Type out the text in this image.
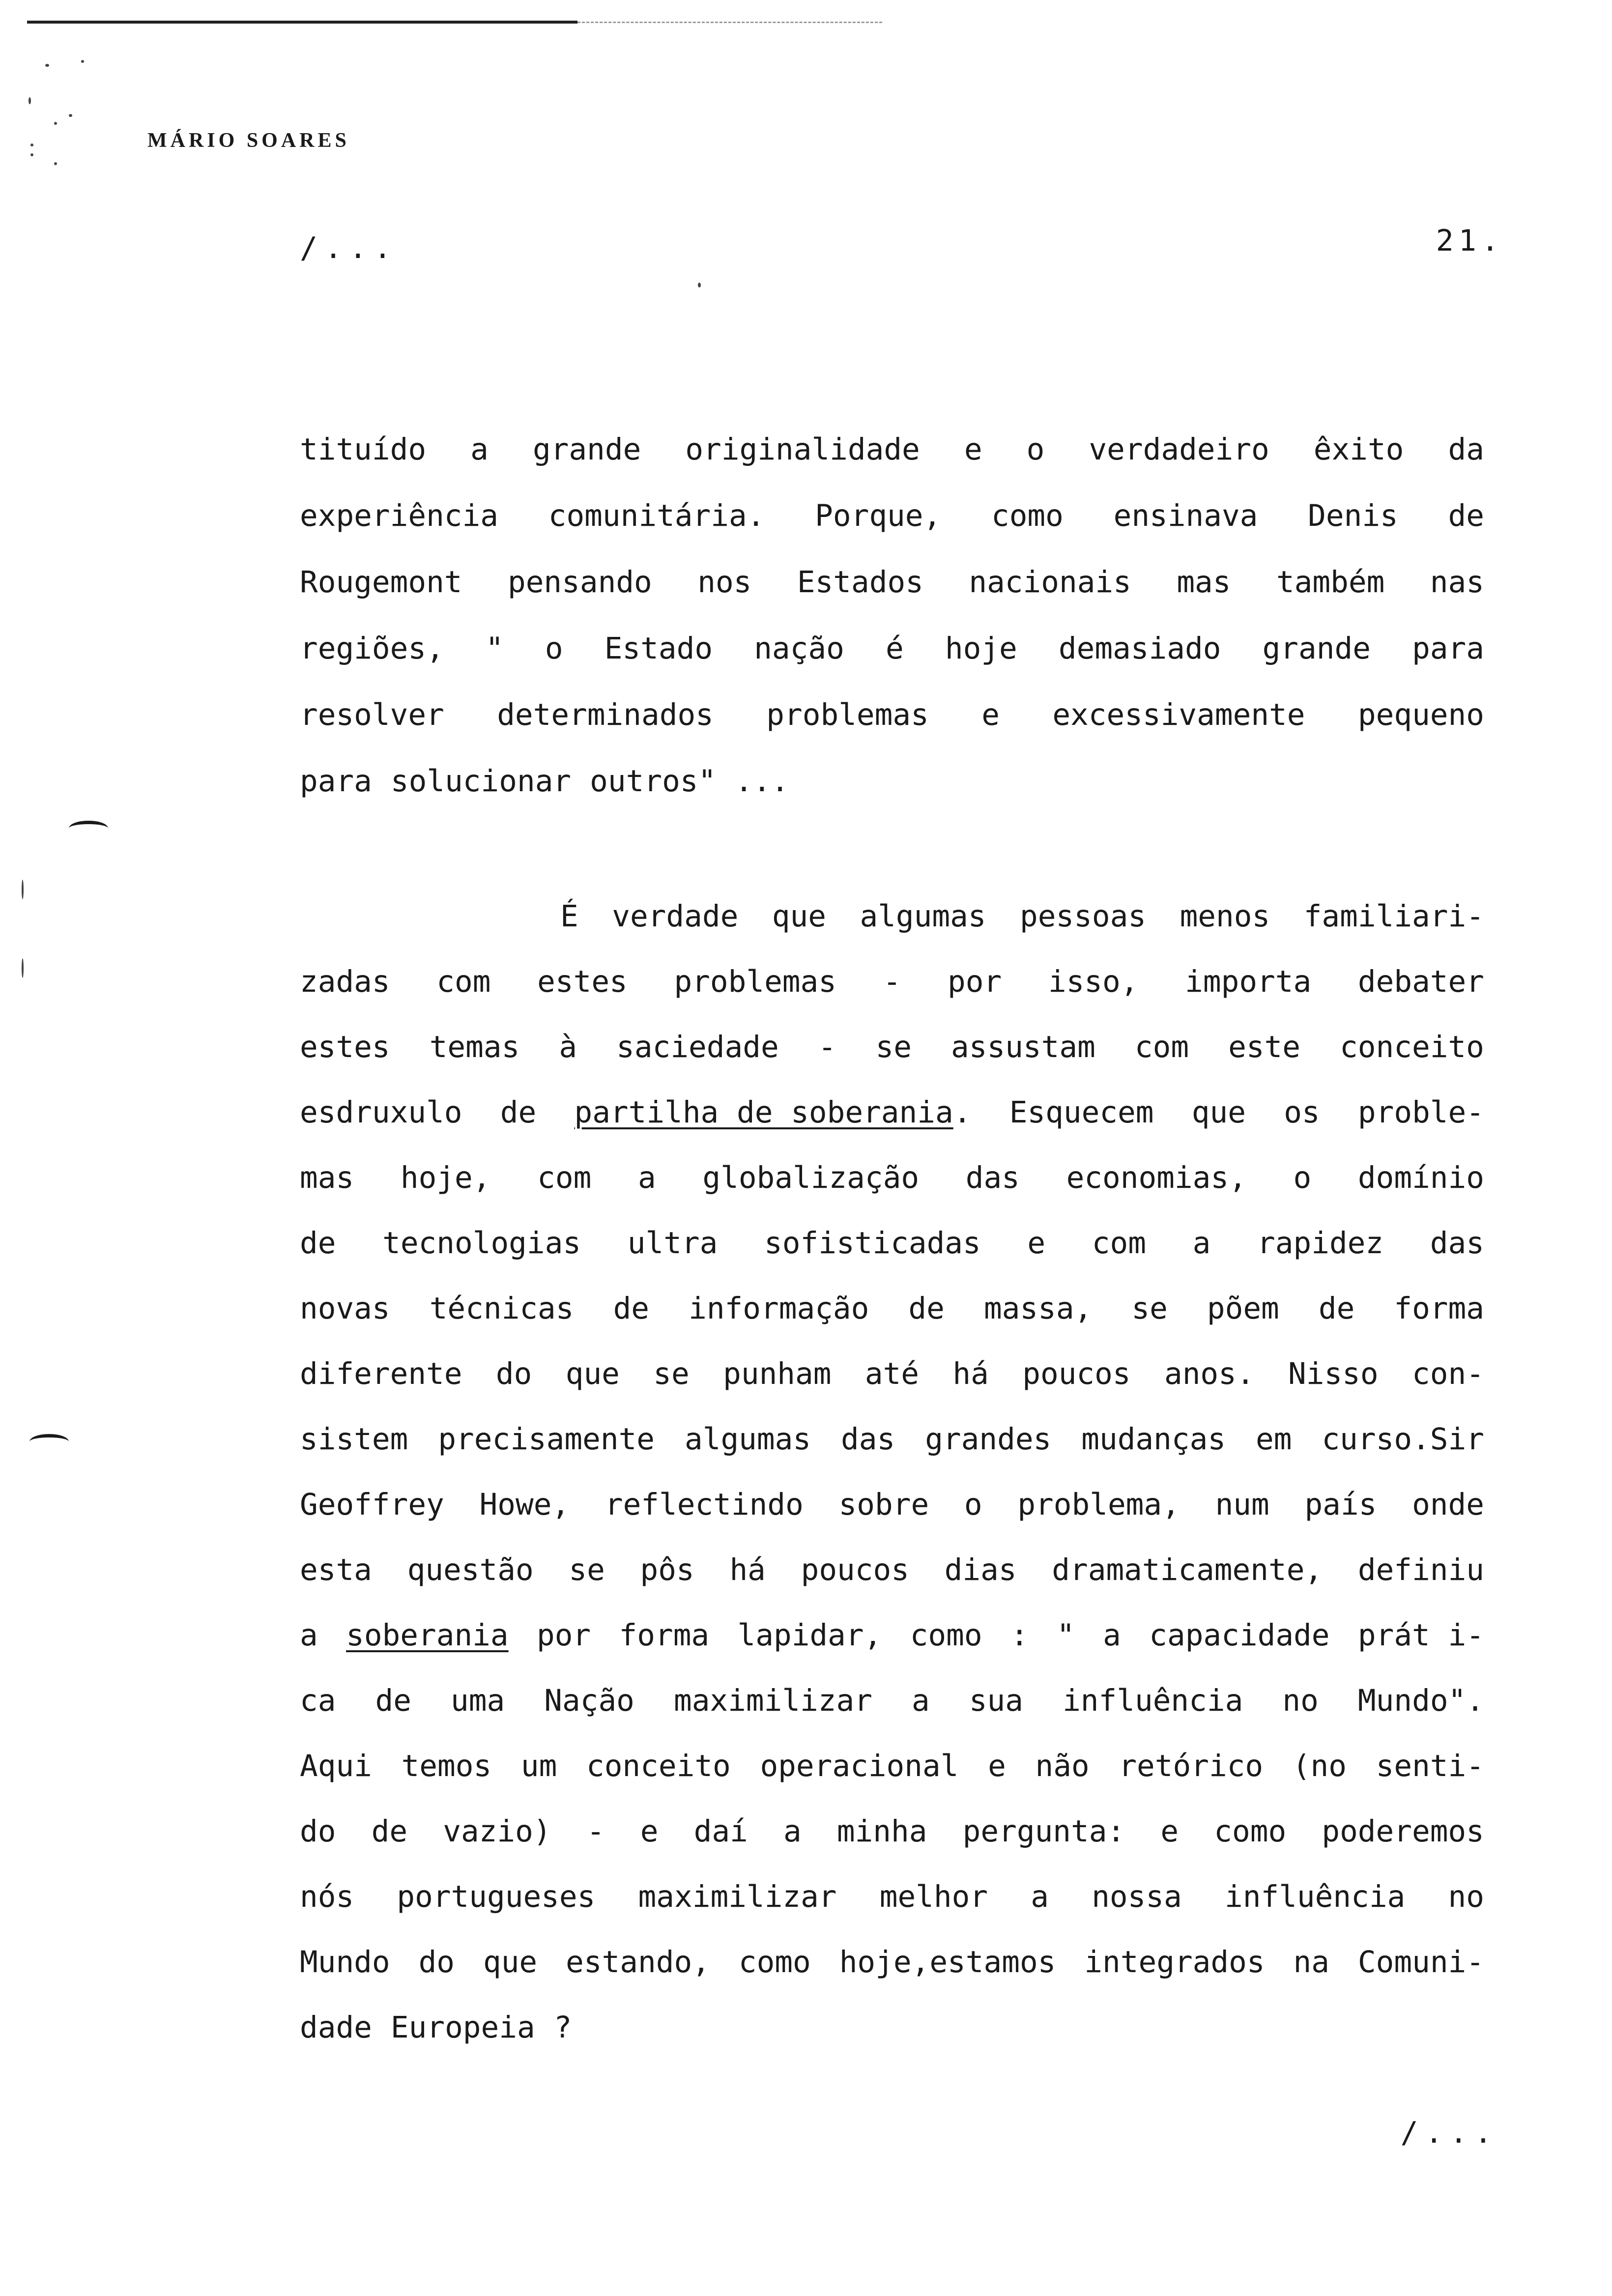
MÁRIO SOARES
/...	21.
tituído a grande originalidade e o verdadeiro êxito da
experiência comunitária. Porque, como ensinava Denis de
Rougemont pensando nos Estados nacionais mas também nas
regiões, " o Estado nação é hoje demasiado grande para
resolver determinados problemas e excessivamente pequeno
para solucionar outros" ...
É verdade que algumas pessoas menos familiari-
zadas com estes problemas - por isso, importa debater
estes temas à saciedade - se assustam com este conceito
esdruxulo de partilha de soberania. Esquecem que os proble-
mas hoje, com a globalização das economias, o domínio
de tecnologias ultra sofisticadas e com a rapidez das
novas técnicas de informação de massa, se põem de forma
diferente do que se punham até há poucos anos. Nisso con-
sistem precisamente algumas das grandes mudanças em curso.Sir
Geoffrey Howe, reflectindo sobre o problema, num país onde
esta questão se pôs há poucos dias dramaticamente, definiu
a soberania por forma lapidar, como : " a capacidade prát i-
ca de uma Nação maximilizar a sua influência no Mundo".
Aqui temos um conceito operacional e não retórico (no senti-
do de vazio) - e daí a minha pergunta: e como poderemos
nós portugueses maximilizar melhor a nossa influência no
Mundo do que estando, como hoje,estamos integrados na Comuni-
dade Europeia ?
/...
